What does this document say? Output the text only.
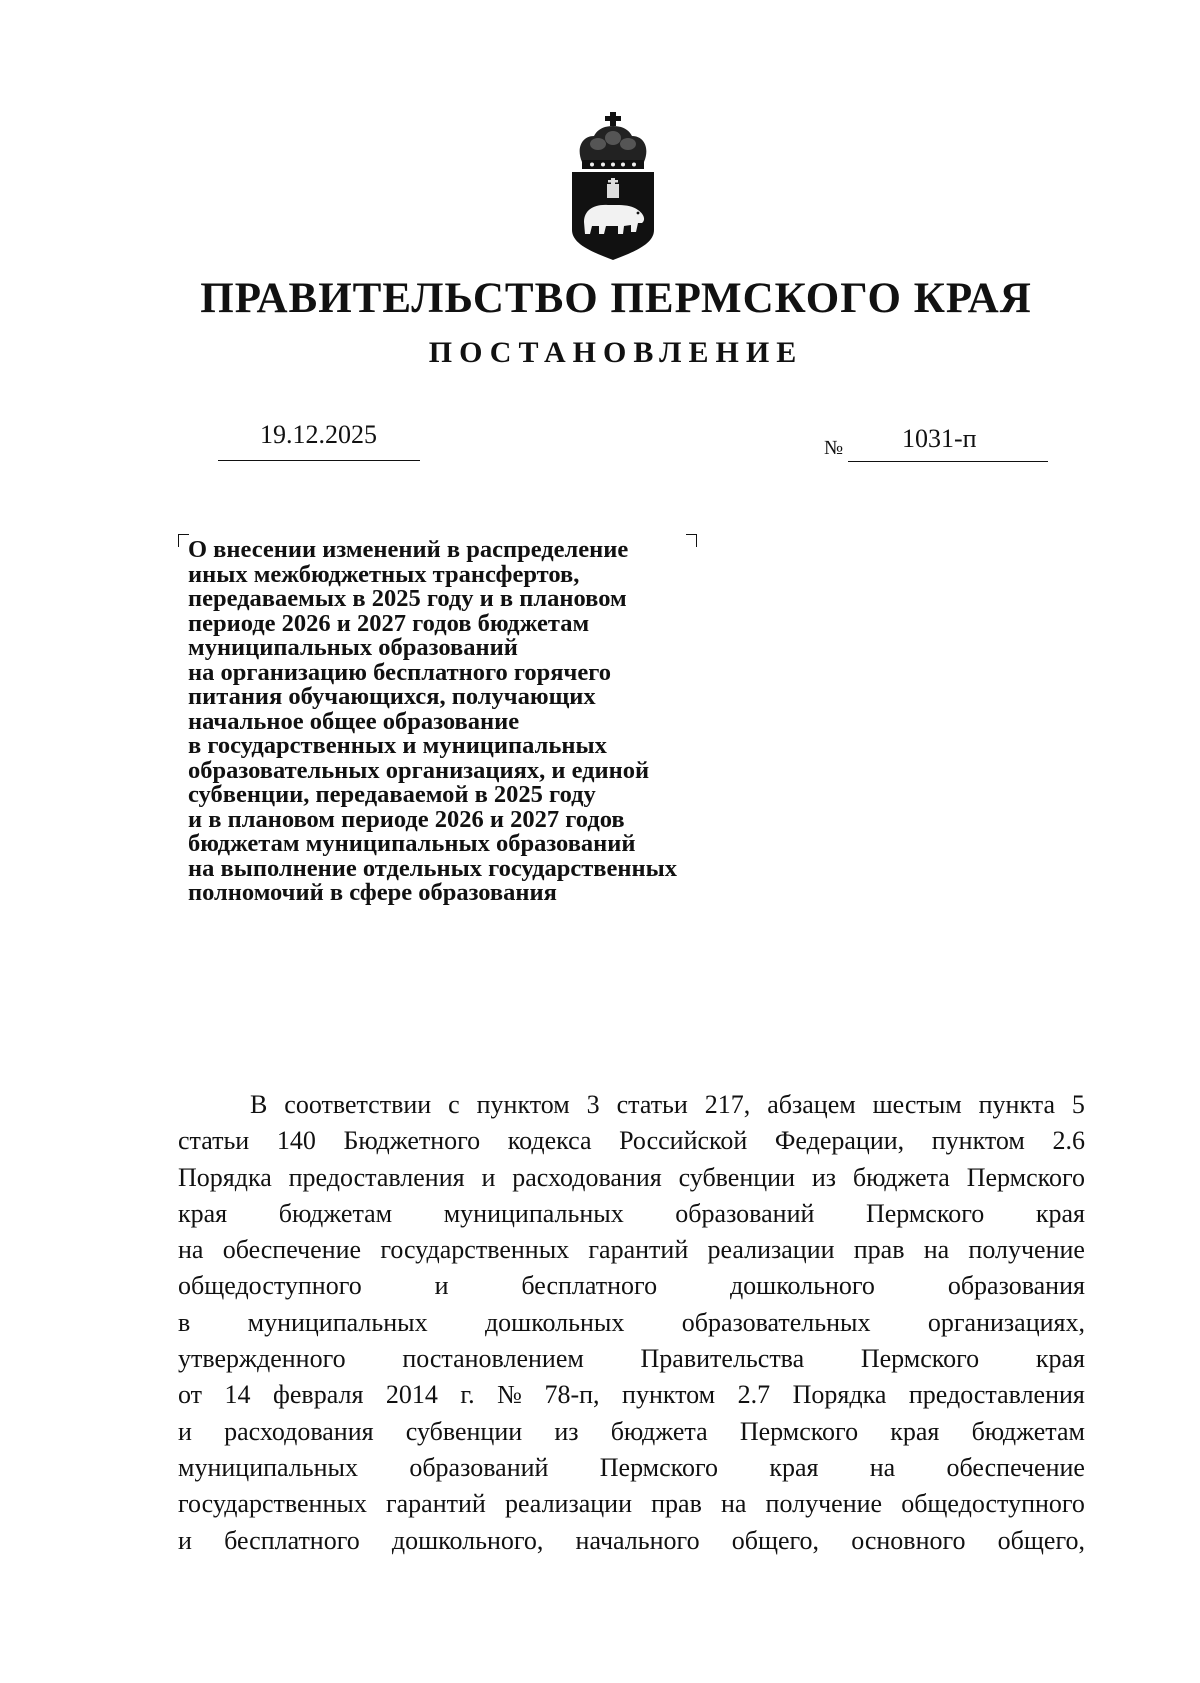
ПРАВИТЕЛЬСТВО ПЕРМСКОГО КРАЯ
ПОСТАНОВЛЕНИЕ
19.12.2025	№ 1031-п
О внесении изменений в распределение
иных межбюджетных трансфертов,
передаваемых в 2025 году и в плановом
периоде 2026 и 2027 годов бюджетам
муниципальных образований
на организацию бесплатного горячего
питания обучающихся, получающих
начальное общее образование
в государственных и муниципальных
образовательных организациях, и единой
субвенции, передаваемой в 2025 году
и в плановом периоде 2026 и 2027 годов
бюджетам муниципальных образований
на выполнение отдельных государственных
полномочий в сфере образования
В соответствии с пунктом 3 статьи 217, абзацем шестым пункта 5
статьи 140 Бюджетного кодекса Российской Федерации, пунктом 2.6
Порядка предоставления и расходования субвенции из бюджета Пермского
края бюджетам муниципальных образований Пермского края
на обеспечение государственных гарантий реализации прав на получение
общедоступного	и	бесплатного	дошкольного	образования
в муниципальных дошкольных образовательных организациях,
утвержденного постановлением Правительства Пермского края
от 14 февраля 2014 г. № 78-п, пунктом 2.7 Порядка предоставления
и расходования субвенции из бюджета Пермского края бюджетам
муниципальных образований Пермского края на обеспечение
государственных гарантий реализации прав на получение общедоступного
и бесплатного дошкольного, начального общего, основного общего,
